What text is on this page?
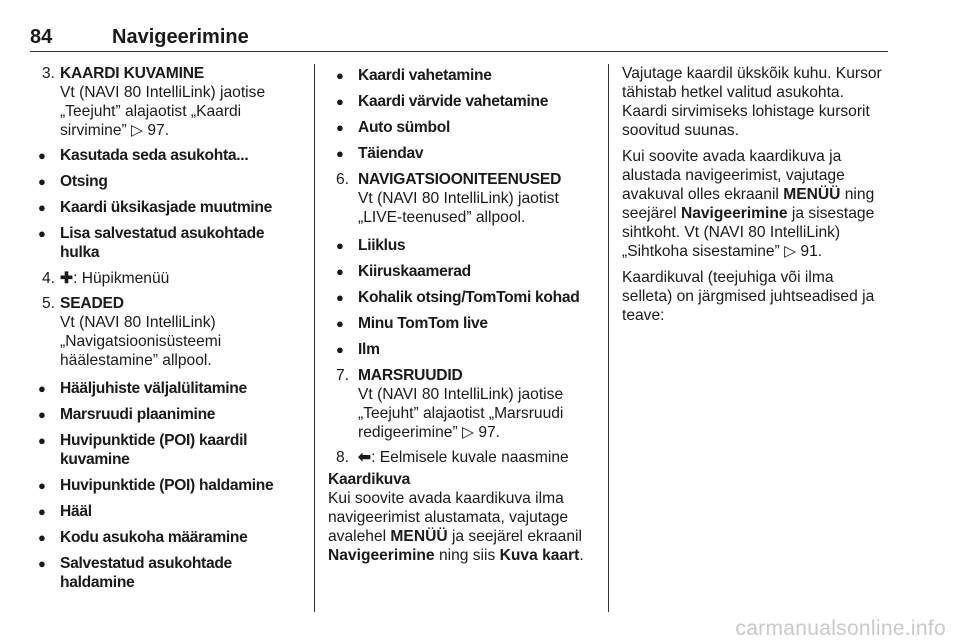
84	Navigeerimine
3. KAARDI KUVAMINE
Vt (NAVI 80 IntelliLink) jaotise
„Teejuht” alajaotist „Kaardi
sirvimine” ▷ 97.
● Kasutada seda asukohta...
● Otsing
● Kaardi üksikasjade muutmine
● Lisa salvestatud asukohtade hulka
4. ✚: Hüpikmenüü
5. SEADED
Vt (NAVI 80 IntelliLink)
„Navigatsioonisüsteemi
häälestamine” allpool.
● Hääljuhiste väljalülitamine
● Marsruudi plaanimine
● Huvipunktide (POI) kaardil kuvamine
● Huvipunktide (POI) haldamine
● Hääl
● Kodu asukoha määramine
● Salvestatud asukohtade haldamine
● Kaardi vahetamine
● Kaardi värvide vahetamine
● Auto sümbol
● Täiendav
6. NAVIGATSIOONITEENUSED
Vt (NAVI 80 IntelliLink) jaotist
„LIVE-teenused” allpool.
● Liiklus
● Kiiruskaamerad
● Kohalik otsing/TomTomi kohad
● Minu TomTom live
● Ilm
7. MARSRUUDID
Vt (NAVI 80 IntelliLink) jaotise
„Teejuht” alajaotist „Marsruudi
redigeerimine” ▷ 97.
8. ⬅: Eelmisele kuvale naasmine
Kaardikuva
Kui soovite avada kaardikuva ilma
navigeerimist alustamata, vajutage
avalehel MENÜÜ ja seejärel ekraanil
Navigeerimine ning siis Kuva kaart.
Vajutage kaardil ükskõik kuhu. Kursor
tähistab hetkel valitud asukohta.
Kaardi sirvimiseks lohistage kursorit
soovitud suunas.
Kui soovite avada kaardikuva ja
alustada navigeerimist, vajutage
avakuval olles ekraanil MENÜÜ ning
seejärel Navigeerimine ja sisestage
sihtkoht. Vt (NAVI 80 IntelliLink)
„Sihtkoha sisestamine” ▷ 91.
Kaardikuval (teejuhiga või ilma
selleta) on järgmised juhtseadised ja
teave:
carmanualsonline.info
